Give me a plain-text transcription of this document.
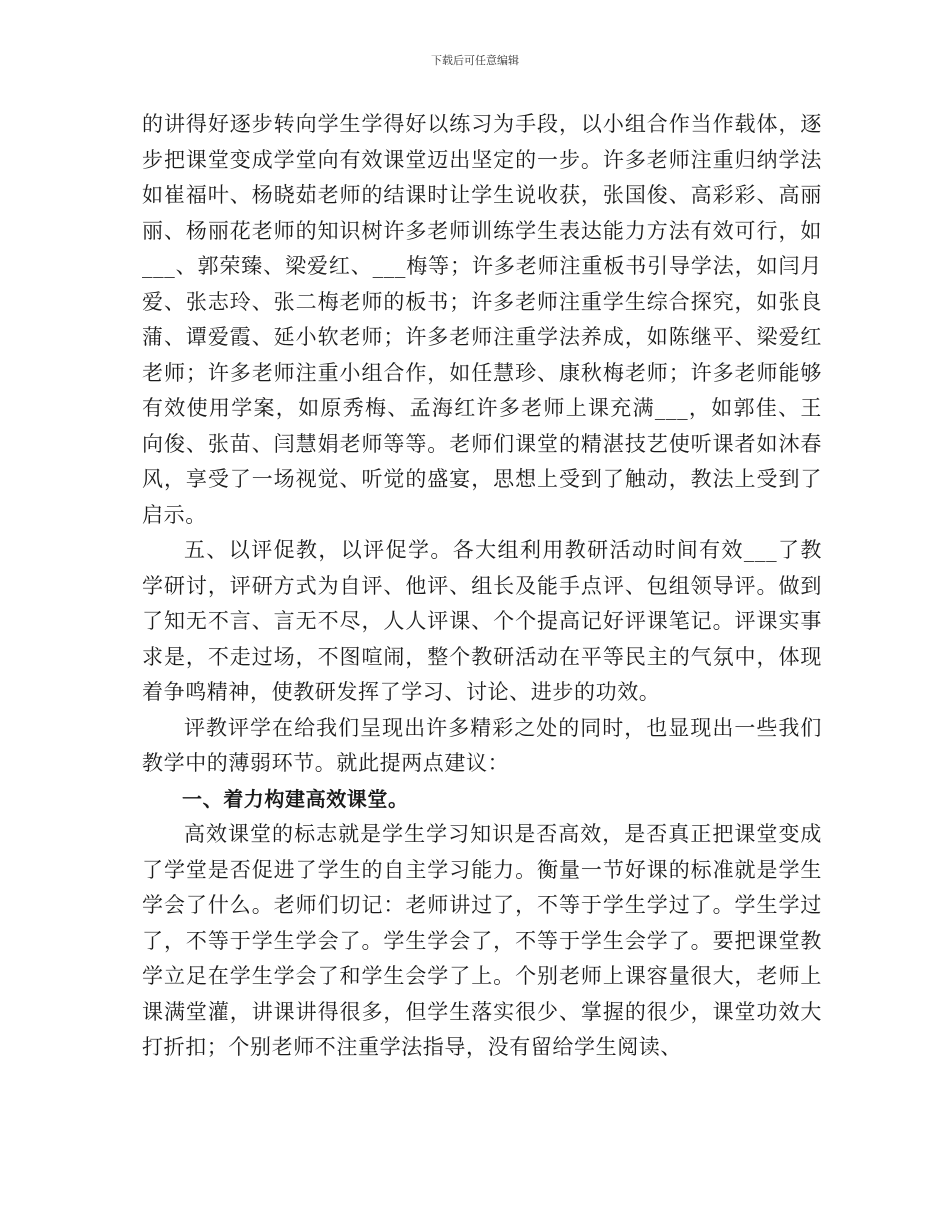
下载后可任意编辑

的讲得好逐步转向学生学得好以练习为手段，以小组合作当作载体，逐步把课堂变成学堂向有效课堂迈出坚定的一步。许多老师注重归纳学法如崔福叶、杨晓茹老师的结课时让学生说收获，张国俊、高彩彩、高丽丽、杨丽花老师的知识树许多老师训练学生表达能力方法有效可行，如___、郭荣臻、梁爱红、___梅等；许多老师注重板书引导学法，如闫月爱、张志玲、张二梅老师的板书；许多老师注重学生综合探究，如张良蒲、谭爱霞、延小软老师；许多老师注重学法养成，如陈继平、梁爱红老师；许多老师注重小组合作，如任慧珍、康秋梅老师；许多老师能够有效使用学案，如原秀梅、孟海红许多老师上课充满___，如郭佳、王向俊、张苗、闫慧娟老师等等。老师们课堂的精湛技艺使听课者如沐春风，享受了一场视觉、听觉的盛宴，思想上受到了触动，教法上受到了启示。

五、以评促教，以评促学。各大组利用教研活动时间有效___了教学研讨，评研方式为自评、他评、组长及能手点评、包组领导评。做到了知无不言、言无不尽，人人评课、个个提高记好评课笔记。评课实事求是，不走过场，不图喧闹，整个教研活动在平等民主的气氛中，体现着争鸣精神，使教研发挥了学习、讨论、进步的功效。

评教评学在给我们呈现出许多精彩之处的同时，也显现出一些我们教学中的薄弱环节。就此提两点建议：

一、着力构建高效课堂。

高效课堂的标志就是学生学习知识是否高效，是否真正把课堂变成了学堂是否促进了学生的自主学习能力。衡量一节好课的标准就是学生学会了什么。老师们切记：老师讲过了，不等于学生学过了。学生学过了，不等于学生学会了。学生学会了，不等于学生会学了。要把课堂教学立足在学生学会了和学生会学了上。个别老师上课容量很大，老师上课满堂灌，讲课讲得很多，但学生落实很少、掌握的很少，课堂功效大打折扣；个别老师不注重学法指导，没有留给学生阅读、
